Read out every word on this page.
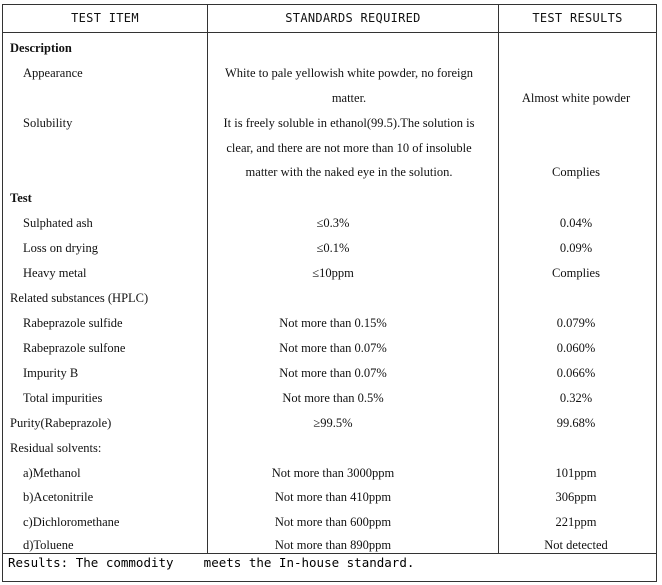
TEST ITEM	STANDARDS REQUIRED	TEST RESULTS
Description
Appearance	White to pale yellowish white powder, no foreign
matter.	Almost white powder
Solubility	It is freely soluble in ethanol(99.5).The solution is
clear, and there are not more than 10 of insoluble
matter with the naked eye in the solution.	Complies
Test
Sulphated ash	≤0.3%	0.04%
Loss on drying	≤0.1%	0.09%
Heavy metal	≤10ppm	Complies
Related substances (HPLC)
Rabeprazole sulfide	Not more than 0.15%	0.079%
Rabeprazole sulfone	Not more than 0.07%	0.060%
Impurity B	Not more than 0.07%	0.066%
Total impurities	Not more than 0.5%	0.32%
Purity(Rabeprazole)	≥99.5%	99.68%
Residual solvents:
a)Methanol	Not more than 3000ppm	101ppm
b)Acetonitrile	Not more than 410ppm	306ppm
c)Dichloromethane	Not more than 600ppm	221ppm
d)Toluene	Not more than 890ppm	Not detected
Results: The commodity    meets the In-house standard.
